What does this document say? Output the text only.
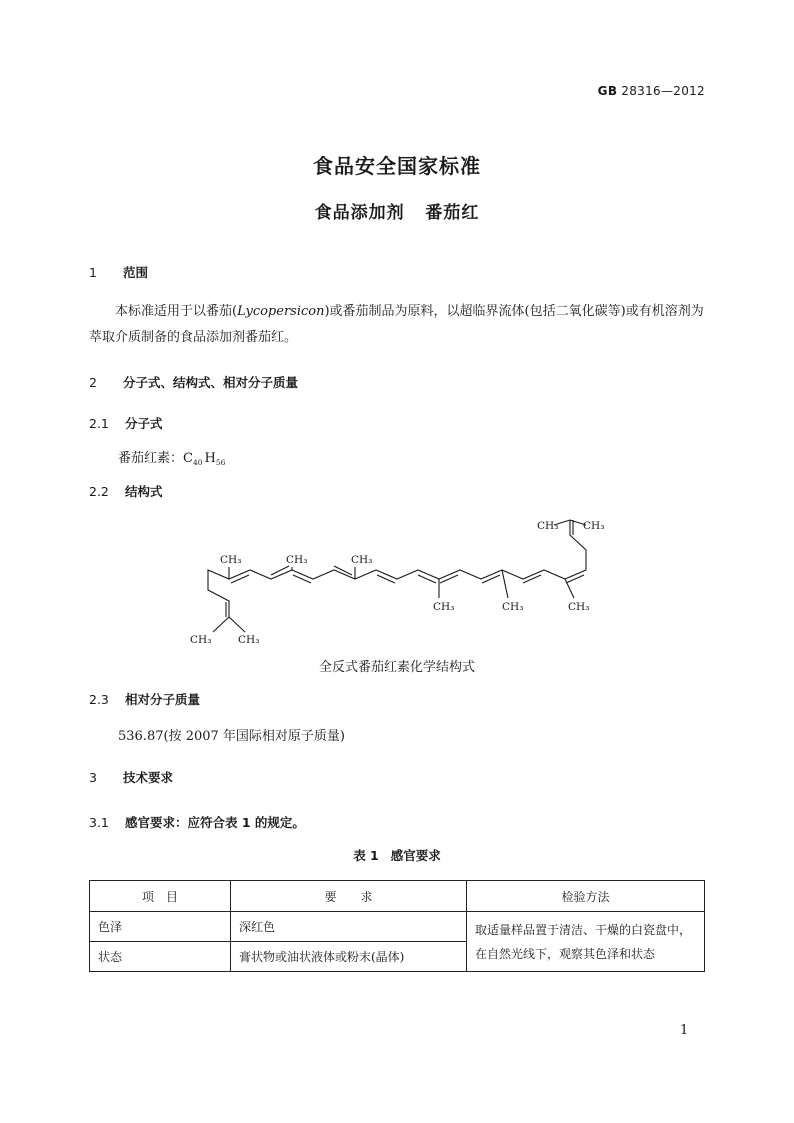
GB 28316—2012
食品安全国家标准
食品添加剂   番茄红
1 范围
本标准适用于以番茄(Lycopersicon)或番茄制品为原料，以超临界流体(包括二氧化碳等)或有机溶剂为萃取介质制备的食品添加剂番茄红。
2 分子式、结构式、相对分子质量
2.1 分子式
番茄红素：$C_{40}$ $H_{56}$
2.2 结构式
CH₃	CH₃	CH₃
CH₃	CH₃	CH₃
CH₃ CH₃
CH₃	CH₃
全反式番茄红素化学结构式
2.3 相对分子质量
536.87(按 2007 年国际相对原子质量)
3 技术要求
3.1 感官要求：应符合表 1 的规定。
表 1 感官要求
项　目	要　　求	检验方法
色泽	深红色	取适量样品置于清洁、干燥的白瓷盘中，在自然光线下，观察其色泽和状态
状态	膏状物或油状液体或粉末(晶体)	
1
